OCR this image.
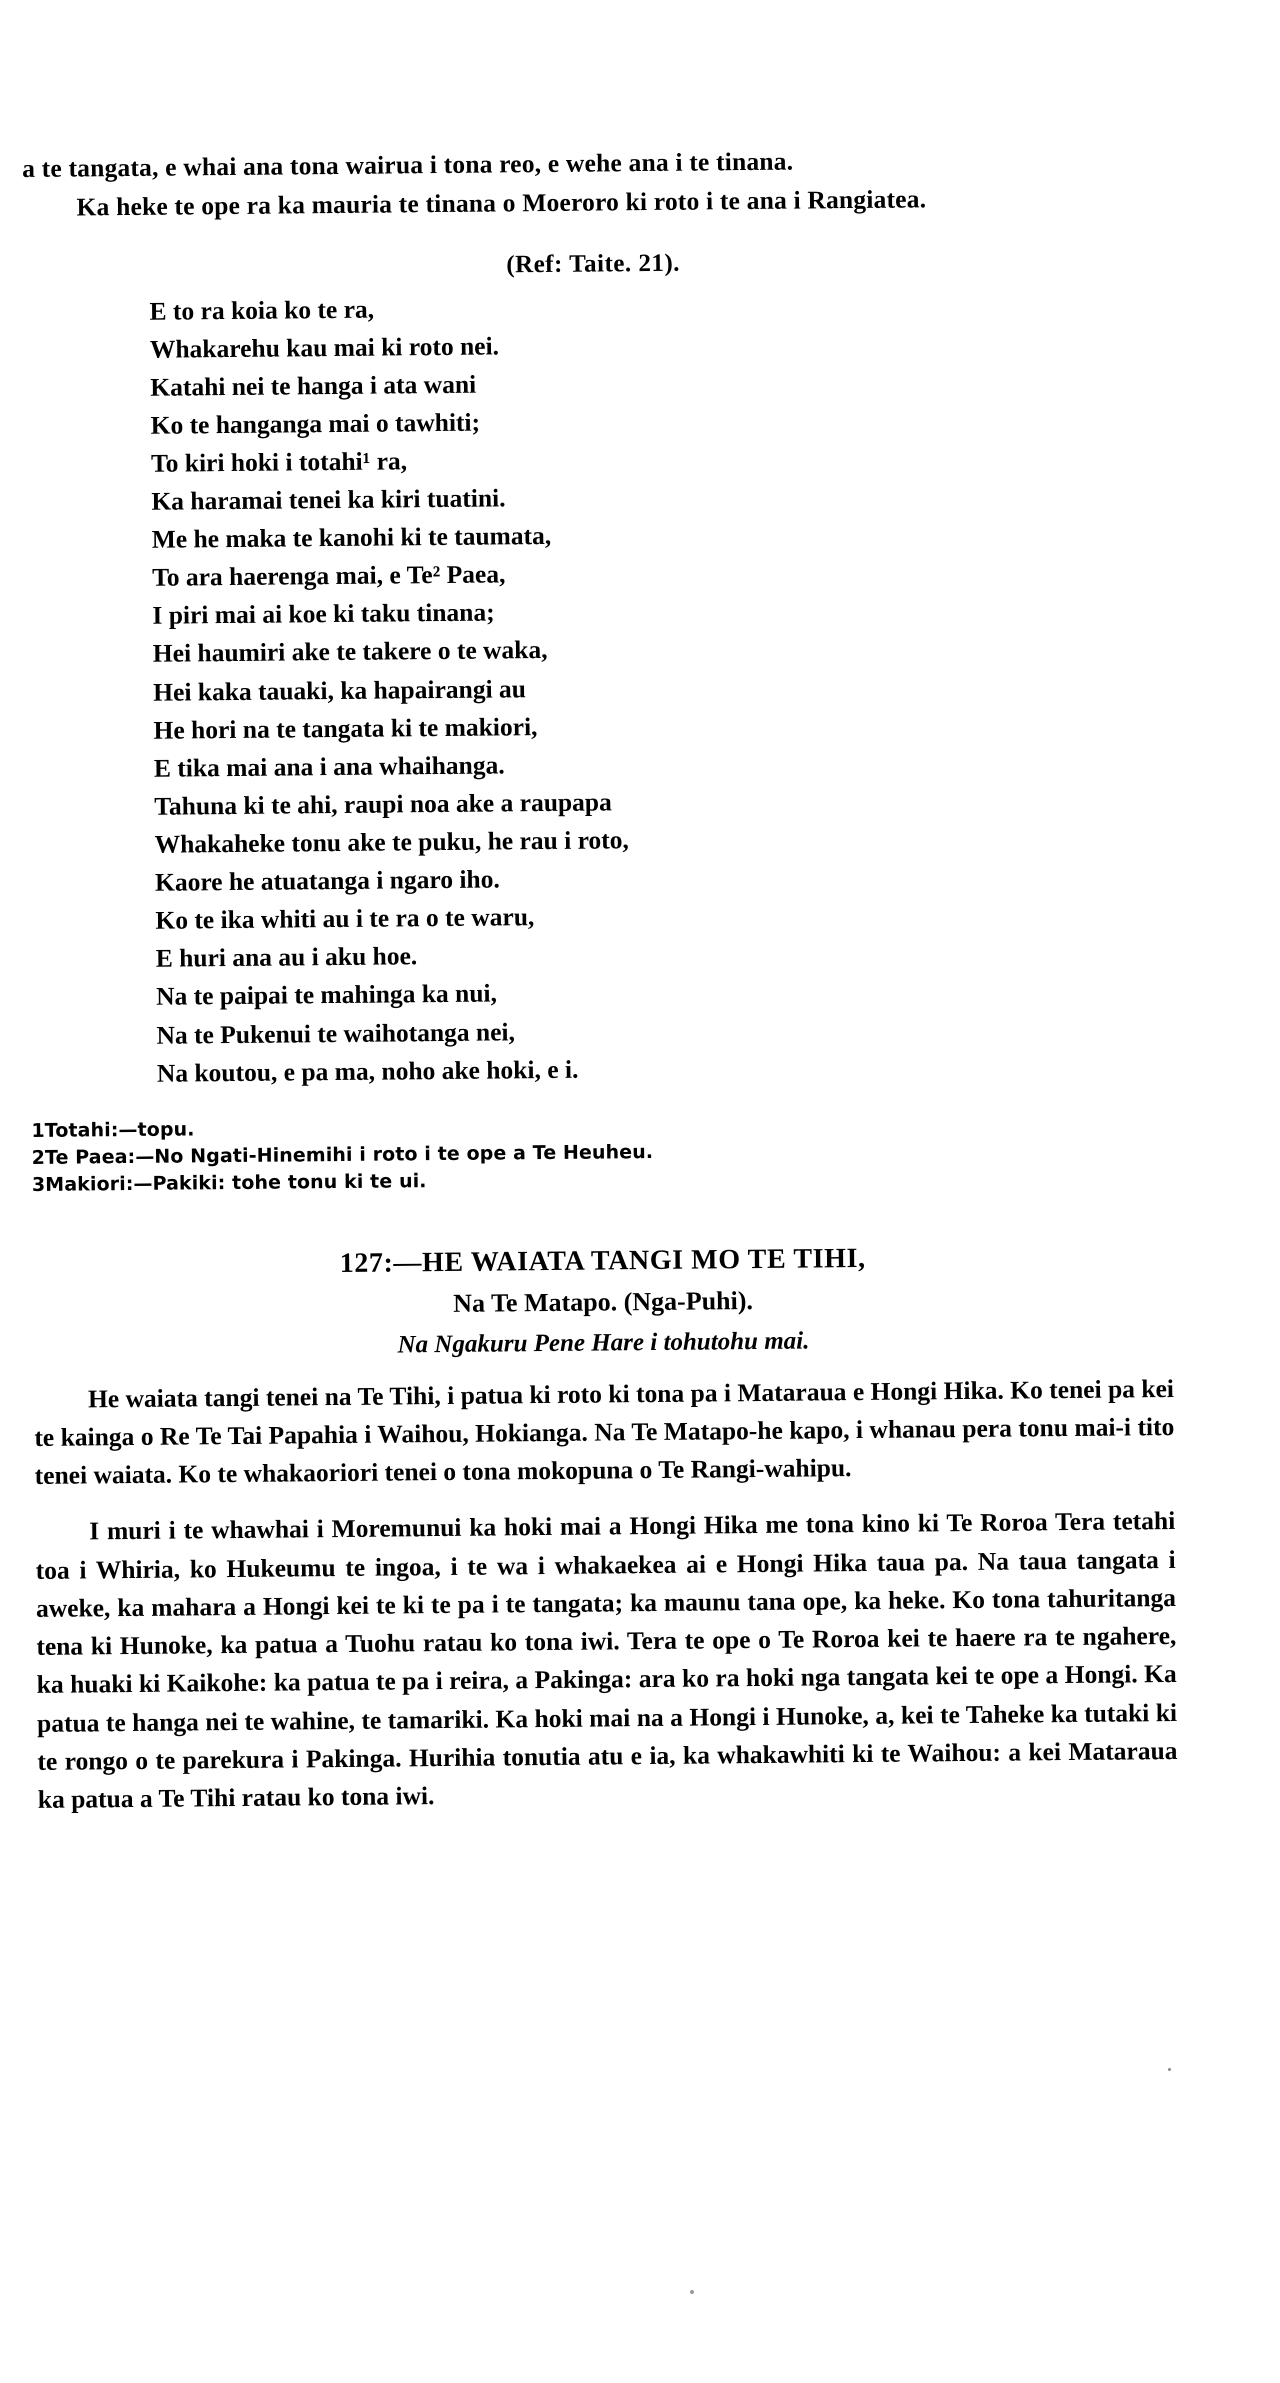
a te tangata, e whai ana tona wairua i tona reo, e wehe ana i te tinana.

Ka heke te ope ra ka mauria te tinana o Moeroro ki roto i te ana i Rangiatea.

(Ref: Taite. 21).
E to ra koia ko te ra,
Whakarehu kau mai ki roto nei.
Katahi nei te hanga i ata wani
Ko te hanganga mai o tawhiti;
To kiri hoki i totahi¹ ra,
Ka haramai tenei ka kiri tuatini.
Me he maka te kanohi ki te taumata,
To ara haerenga mai, e Te² Paea,
I piri mai ai koe ki taku tinana;
Hei haumiri ake te takere o te waka,
Hei kaka tauaki, ka hapairangi au
He hori na te tangata ki te makiori,
E tika mai ana i ana whaihanga.
Tahuna ki te ahi, raupi noa ake a raupapa
Whakaheke tonu ake te puku, he rau i roto,
Kaore he atuatanga i ngaro iho.
Ko te ika whiti au i te ra o te waru,
E huri ana au i aku hoe.
Na te paipai te mahinga ka nui,
Na te Pukenui te waihotanga nei,
Na koutou, e pa ma, noho ake hoki, e i.
1Totahi:—topu.
2Te Paea:—No Ngati-Hinemihi i roto i te ope a Te Heuheu.
3Makiori:—Pakiki: tohe tonu ki te ui.
127:—HE WAIATA TANGI MO TE TIHI,
Na Te Matapo. (Nga-Puhi).
Na Ngakuru Pene Hare i tohutohu mai.

He waiata tangi tenei na Te Tihi, i patua ki roto ki tona pa i Mataraua e Hongi Hika. Ko tenei pa kei te kainga o Re Te Tai Papahia i Waihou, Hokianga. Na Te Matapo-he kapo, i whanau pera tonu mai-i tito tenei waiata. Ko te whakaoriori tenei o tona mokopuna o Te Rangi-wahipu.

I muri i te whawhai i Moremunui ka hoki mai a Hongi Hika me tona kino ki Te Roroa Tera tetahi toa i Whiria, ko Hukeumu te ingoa, i te wa i whakaekea ai e Hongi Hika taua pa. Na taua tangata i aweke, ka mahara a Hongi kei te ki te pa i te tangata; ka maunu tana ope, ka heke. Ko tona tahuritanga tena ki Hunoke, ka patua a Tuohu ratau ko tona iwi. Tera te ope o Te Roroa kei te haere ra te ngahere, ka huaki ki Kaikohe: ka patua te pa i reira, a Pakinga: ara ko ra hoki nga tangata kei te ope a Hongi. Ka patua te hanga nei te wahine, te tamariki. Ka hoki mai na a Hongi i Hunoke, a, kei te Taheke ka tutaki ki te rongo o te parekura i Pakinga. Hurihia tonutia atu e ia, ka whakawhiti ki te Waihou: a kei Mataraua ka patua a Te Tihi ratau ko tona iwi.
